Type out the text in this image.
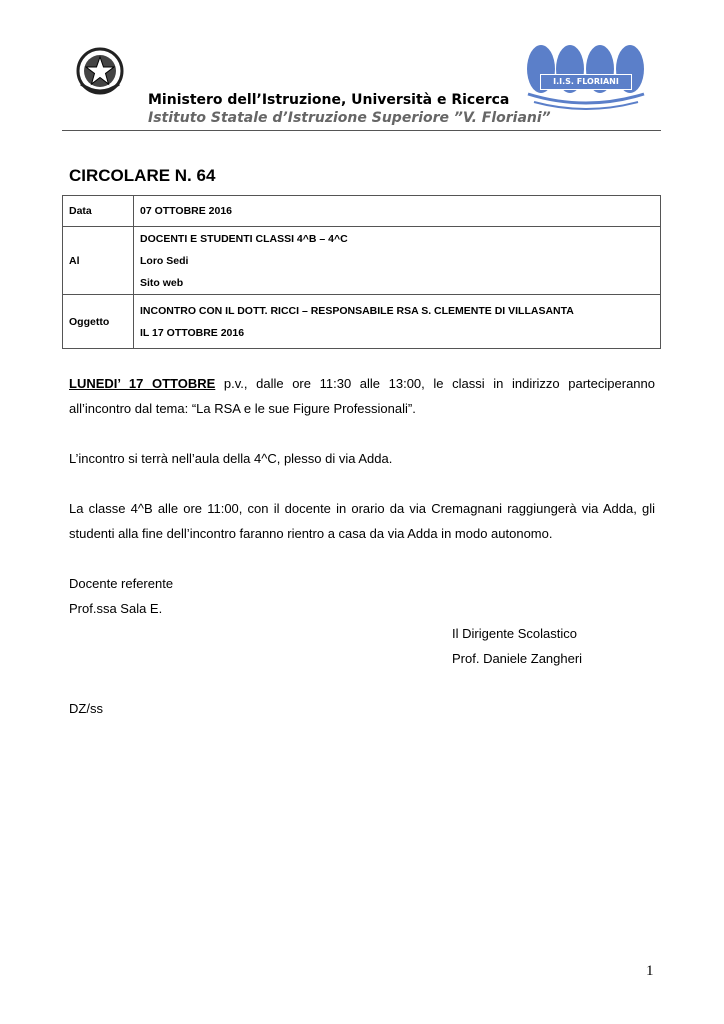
I.I.S. FLORIANI
Ministero dell’Istruzione, Università e Ricerca
Istituto Statale d’Istruzione Superiore ”V. Floriani”
CIRCOLARE N. 64
Data	07 OTTOBRE 2016
Al	DOCENTI E STUDENTI CLASSI 4^B – 4^C
Loro Sedi
Sito web

Oggetto	INCONTRO CON IL DOTT. RICCI – RESPONSABILE RSA S. CLEMENTE DI VILLASANTA
IL 17 OTTOBRE 2016
LUNEDI’ 17 OTTOBRE p.v., dalle ore 11:30 alle 13:00, le classi in indirizzo parteciperanno all’incontro dal tema: “La RSA e le sue Figure Professionali”.
L’incontro si terrà nell’aula della 4^C, plesso di via Adda.
La classe 4^B alle ore 11:00, con il docente in orario da via Cremagnani raggiungerà via Adda, gli studenti alla fine dell’incontro faranno rientro a casa da via Adda in modo autonomo.
Docente referente
Prof.ssa Sala E.
Il Dirigente Scolastico
Prof. Daniele Zangheri
DZ/ss
1
